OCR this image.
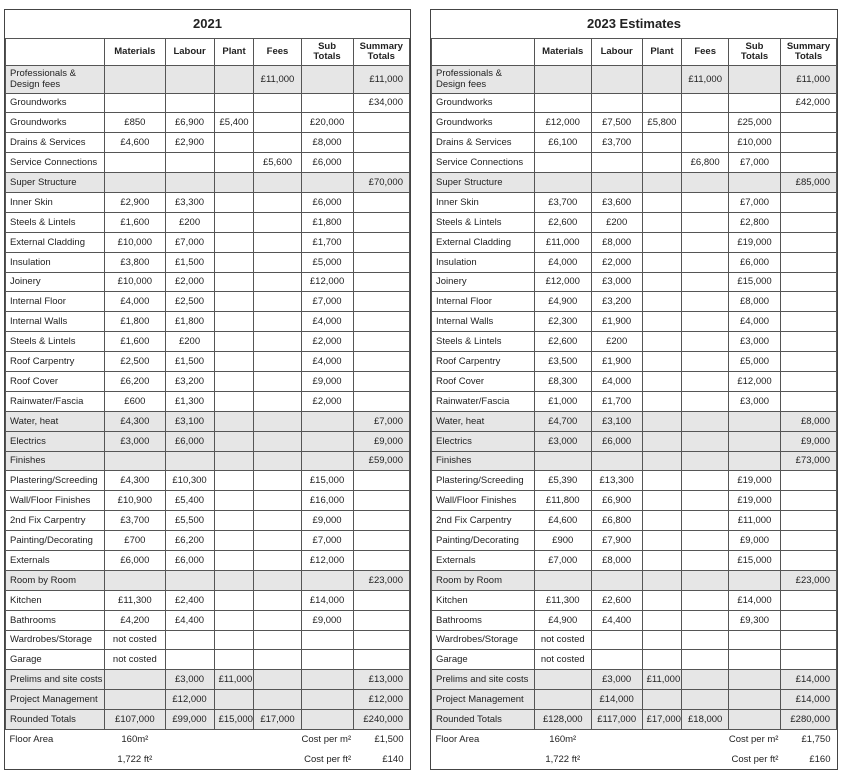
2021						
	Materials	Labour	Plant	Fees	Sub Totals	Summary Totals
Professionals & Design fees				£11,000		£11,000
Groundworks						£34,000
Groundworks	£850	£6,900	£5,400		£20,000	
Drains & Services	£4,600	£2,900			£8,000	
Service Connections				£5,600	£6,000	
Super Structure						£70,000
Inner Skin	£2,900	£3,300			£6,000	
Steels & Lintels	£1,600	£200			£1,800	
External Cladding	£10,000	£7,000			£1,700	
Insulation	£3,800	£1,500			£5,000	
Joinery	£10,000	£2,000			£12,000	
Internal Floor	£4,000	£2,500			£7,000	
Internal Walls	£1,800	£1,800			£4,000	
Steels & Lintels	£1,600	£200			£2,000	
Roof Carpentry	£2,500	£1,500			£4,000	
Roof Cover	£6,200	£3,200			£9,000	
Rainwater/Fascia	£600	£1,300			£2,000	
Water, heat	£4,300	£3,100				£7,000
Electrics	£3,000	£6,000				£9,000
Finishes						£59,000
Plastering/Screeding	£4,300	£10,300			£15,000	
Wall/Floor Finishes	£10,900	£5,400			£16,000	
2nd Fix Carpentry	£3,700	£5,500			£9,000	
Painting/Decorating	£700	£6,200			£7,000	
Externals	£6,000	£6,000			£12,000	
Room by Room						£23,000
Kitchen	£11,300	£2,400			£14,000	
Bathrooms	£4,200	£4,400			£9,000	
Wardrobes/Storage	not costed					
Garage	not costed					
Prelims and site costs		£3,000	£11,000			£13,000
Project Management		£12,000				£12,000
Rounded Totals	£107,000	£99,000	£15,000	£17,000		£240,000
Floor Area	160m²			Cost per m²		£1,500
	1,722 ft²			Cost per ft²		£140
2023 Estimates						
	Materials	Labour	Plant	Fees	Sub Totals	Summary Totals
Professionals & Design fees				£11,000		£11,000
Groundworks						£42,000
Groundworks	£12,000	£7,500	£5,800		£25,000	
Drains & Services	£6,100	£3,700			£10,000	
Service Connections				£6,800	£7,000	
Super Structure						£85,000
Inner Skin	£3,700	£3,600			£7,000	
Steels & Lintels	£2,600	£200			£2,800	
External Cladding	£11,000	£8,000			£19,000	
Insulation	£4,000	£2,000			£6,000	
Joinery	£12,000	£3,000			£15,000	
Internal Floor	£4,900	£3,200			£8,000	
Internal Walls	£2,300	£1,900			£4,000	
Steels & Lintels	£2,600	£200			£3,000	
Roof Carpentry	£3,500	£1,900			£5,000	
Roof Cover	£8,300	£4,000			£12,000	
Rainwater/Fascia	£1,000	£1,700			£3,000	
Water, heat	£4,700	£3,100				£8,000
Electrics	£3,000	£6,000				£9,000
Finishes						£73,000
Plastering/Screeding	£5,390	£13,300			£19,000	
Wall/Floor Finishes	£11,800	£6,900			£19,000	
2nd Fix Carpentry	£4,600	£6,800			£11,000	
Painting/Decorating	£900	£7,900			£9,000	
Externals	£7,000	£8,000			£15,000	
Room by Room						£23,000
Kitchen	£11,300	£2,600			£14,000	
Bathrooms	£4,900	£4,400			£9,300	
Wardrobes/Storage	not costed					
Garage	not costed					
Prelims and site costs		£3,000	£11,000			£14,000
Project Management		£14,000				£14,000
Rounded Totals	£128,000	£117,000	£17,000	£18,000		£280,000
Floor Area	160m²			Cost per m²		£1,750
	1,722 ft²			Cost per ft²		£160
